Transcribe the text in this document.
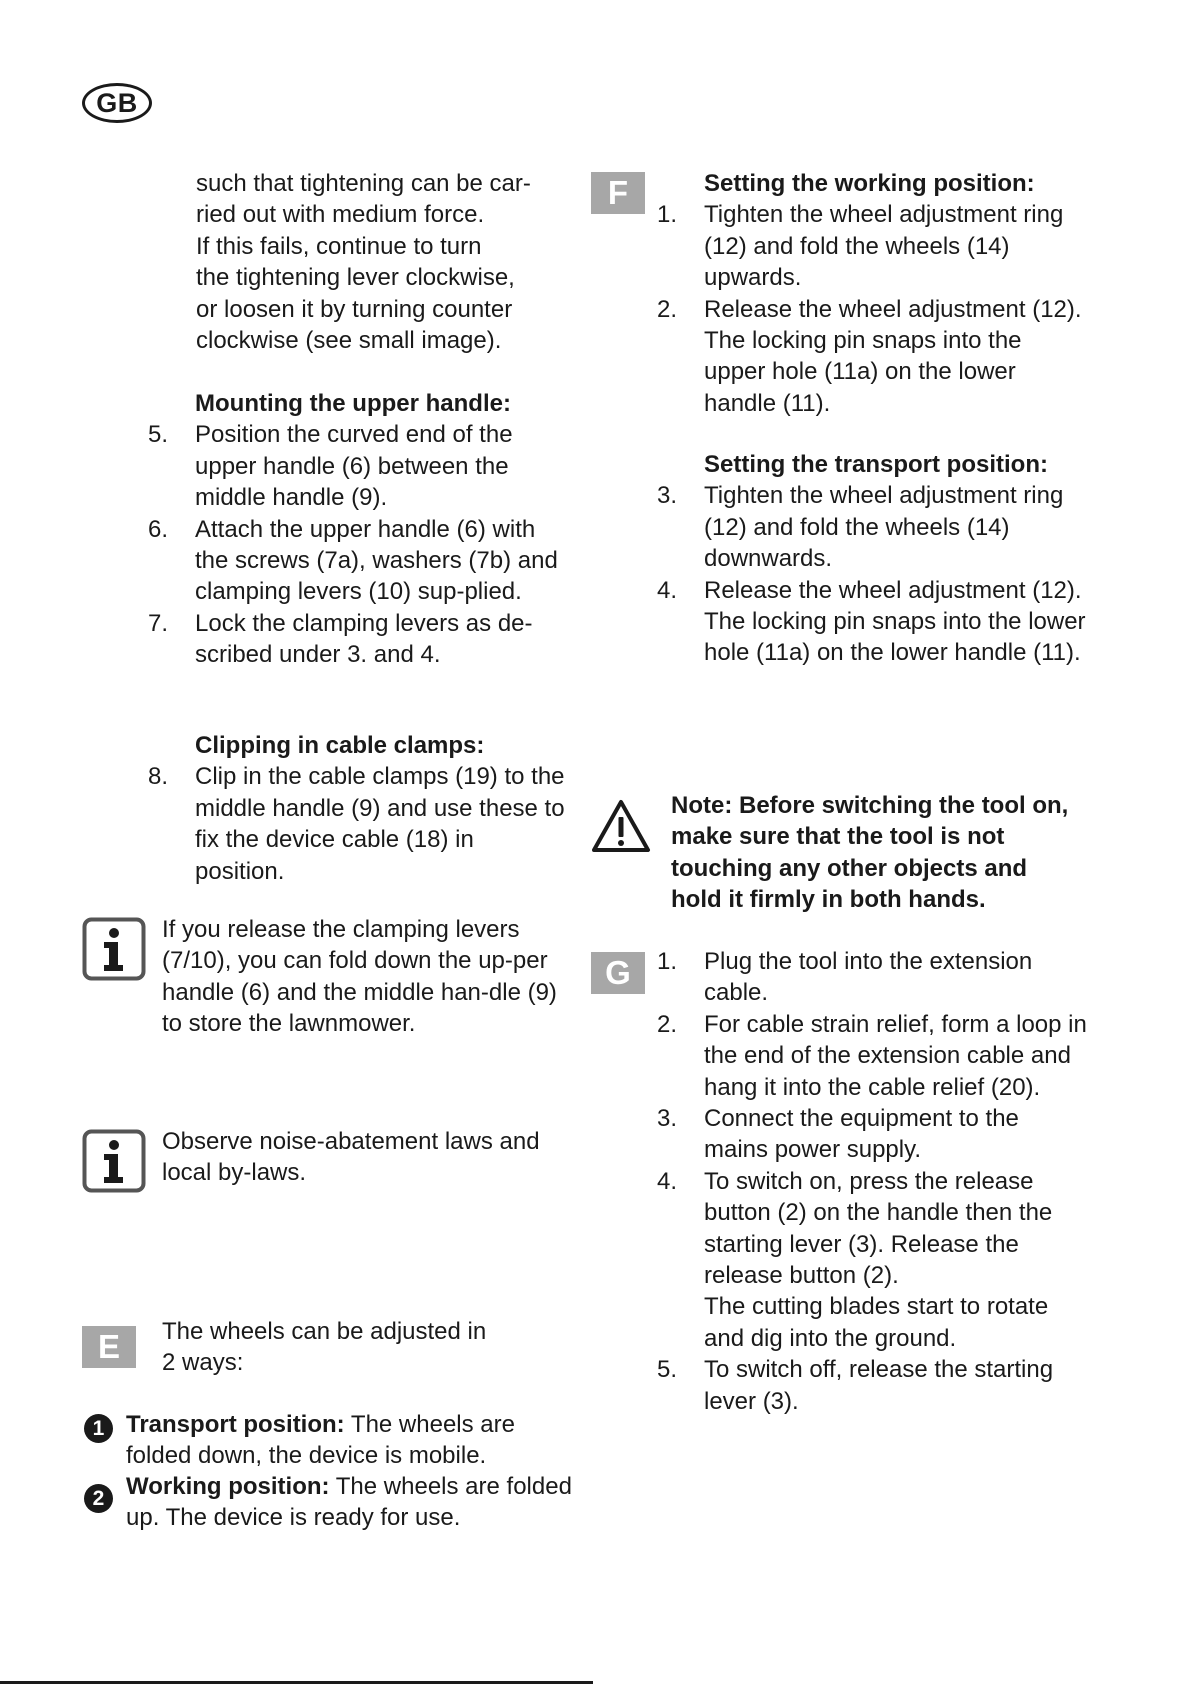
GB
such that tightening can be car-
ried out with medium force.
If this fails, continue to turn
the tightening lever clockwise,
or loosen it by turning counter
clockwise (see small image).
Mounting the upper handle:
5. Position the curved end of the upper handle (6) between the middle handle (9).
6. Attach the upper handle (6) with the screws (7a), washers (7b) and clamping levers (10) sup-plied.
7. Lock the clamping levers as de-scribed under 3. and 4.
Clipping in cable clamps:
8. Clip in the cable clamps (19) to the middle handle (9) and use these to fix the device cable (18) in position.
If you release the clamping levers (7/10), you can fold down the up-per handle (6) and the middle han-dle (9) to store the lawnmower.
Observe noise-abatement laws and local by-laws.
E	The wheels can be adjusted in
2 ways:
1 Transport position: The wheels are folded down, the device is mobile.
2 Working position: The wheels are folded up. The device is ready for use.
F	Setting the working position:
1. Tighten the wheel adjustment ring (12) and fold the wheels (14) upwards.
2. Release the wheel adjustment (12). The locking pin snaps into the upper hole (11a) on the lower handle (11).
Setting the transport position:
3. Tighten the wheel adjustment ring (12) and fold the wheels (14) downwards.
4. Release the wheel adjustment (12). The locking pin snaps into the lower hole (11a) on the lower handle (11).
Note: Before switching the tool on, make sure that the tool is not touching any other objects and hold it firmly in both hands.
G	1. Plug the tool into the extension cable.
2. For cable strain relief, form a loop in the end of the extension cable and hang it into the cable relief (20).
3. Connect the equipment to the mains power supply.
4. To switch on, press the release button (2) on the handle then the starting lever (3). Release the release button (2).
The cutting blades start to rotate and dig into the ground.
5. To switch off, release the starting lever (3).
